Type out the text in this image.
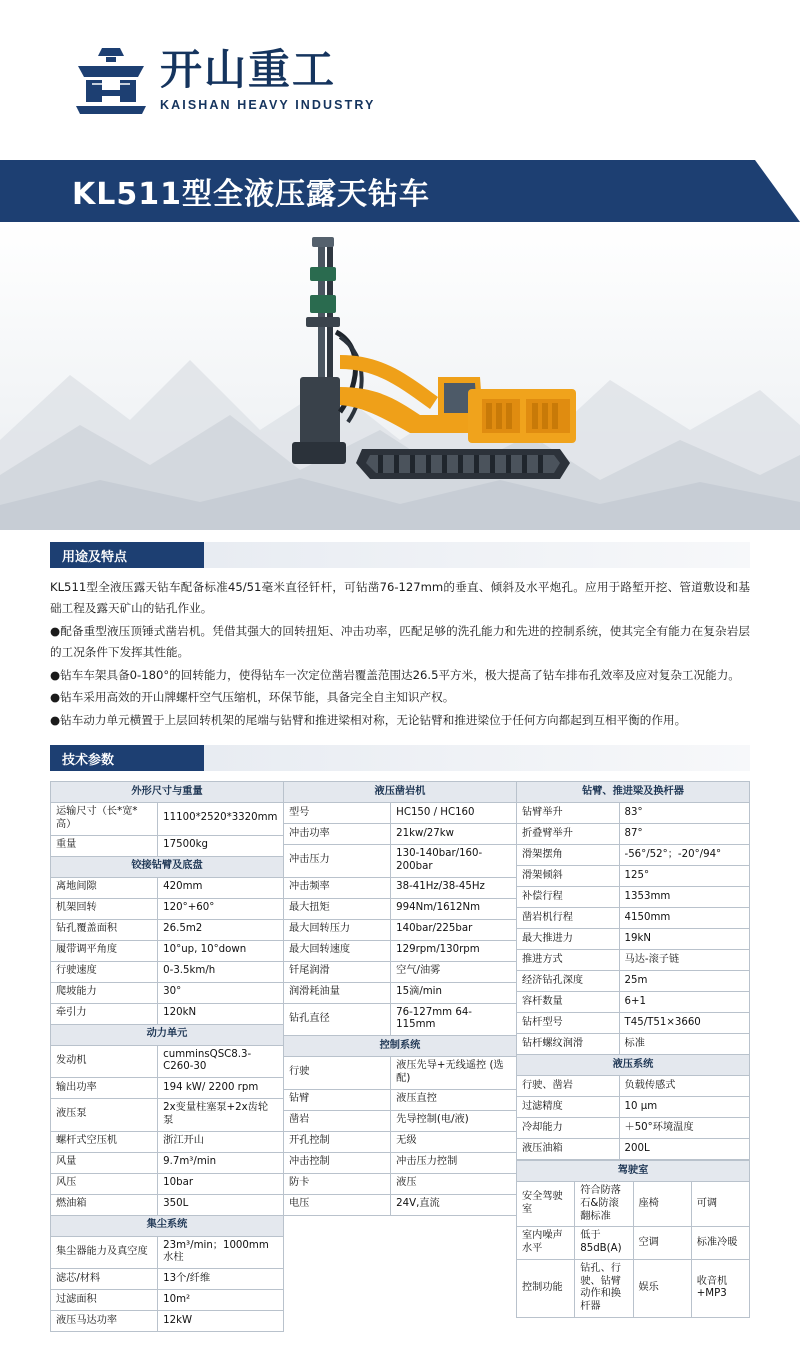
开山重工
KAISHAN HEAVY INDUSTRY
KL511型全液压露天钻车
用途及特点

KL511型全液压露天钻车配备标准45/51毫米直径钎杆，可钻凿76-127mm的垂直、倾斜及水平炮孔。应用于路堑开挖、管道敷设和基础工程及露天矿山的钻孔作业。

●配备重型液压顶锤式凿岩机。凭借其强大的回转扭矩、冲击功率，匹配足够的洗孔能力和先进的控制系统，使其完全有能力在复杂岩层的工况条件下发挥其性能。

●钻车车架具备0-180°的回转能力，使得钻车一次定位凿岩覆盖范围达26.5平方米，极大提高了钻车排布孔效率及应对复杂工况能力。

●钻车采用高效的开山牌螺杆空气压缩机，环保节能，具备完全自主知识产权。

●钻车动力单元横置于上层回转机架的尾端与钻臂和推进梁相对称，无论钻臂和推进梁位于任何方向都起到互相平衡的作用。

技术参数
外形尺寸与重量	
运输尺寸（长*宽*高）	11100*2520*3320mm
重量	17500kg
铰接钻臂及底盘	
离地间隙	420mm
机架回转	120°+60°
钻孔覆盖面积	26.5m2
履带调平角度	10°up, 10°down
行驶速度	0-3.5km/h
爬坡能力	30°
牵引力	120kN
动力单元	
发动机	cumminsQSC8.3-C260-30
输出功率	194 kW/ 2200 rpm
液压泵	2x变量柱塞泵+2x齿轮泵
螺杆式空压机	浙江开山
风量	9.7m³/min
风压	10bar
燃油箱	350L
集尘系统	
集尘器能力及真空度	23m³/min；1000mm水柱
滤芯/材料	13个/纤维
过滤面积	10m²
液压马达功率	12kW
液压凿岩机	
型号	HC150 / HC160
冲击功率	21kw/27kw
冲击压力	130-140bar/160-200bar
冲击频率	38-41Hz/38-45Hz
最大扭矩	994Nm/1612Nm
最大回转压力	140bar/225bar
最大回转速度	129rpm/130rpm
钎尾润滑	空气/油雾
润滑耗油量	15滴/min
钻孔直径	76-127mm 64-115mm
控制系统	
行驶	液压先导+无线遥控 (选配)
钻臂	液压直控
凿岩	先导控制(电/液)
开孔控制	无级
冲击控制	冲击压力控制
防卡	液压
电压	24V,直流
钻臂、推进梁及换杆器	
钻臂举升	83°
折叠臂举升	87°
滑架摆角	-56°/52°；-20°/94°
滑架倾斜	125°
补偿行程	1353mm
凿岩机行程	4150mm
最大推进力	19kN
推进方式	马达-滚子链
经济钻孔深度	25m
容杆数量	6+1
钻杆型号	T45/T51×3660
钻杆螺纹润滑	标准
液压系统	
行驶、凿岩	负载传感式
过滤精度	10 µm
冷却能力	＋50°环境温度
液压油箱	200L
驾驶室			
安全驾驶室	符合防落石&防滚翻标准	座椅	可调
室内噪声水平	低于85dB(A)	空调	标准冷暖
控制功能	钻孔、行驶、钻臂动作和换杆器	娱乐	收音机+MP3
